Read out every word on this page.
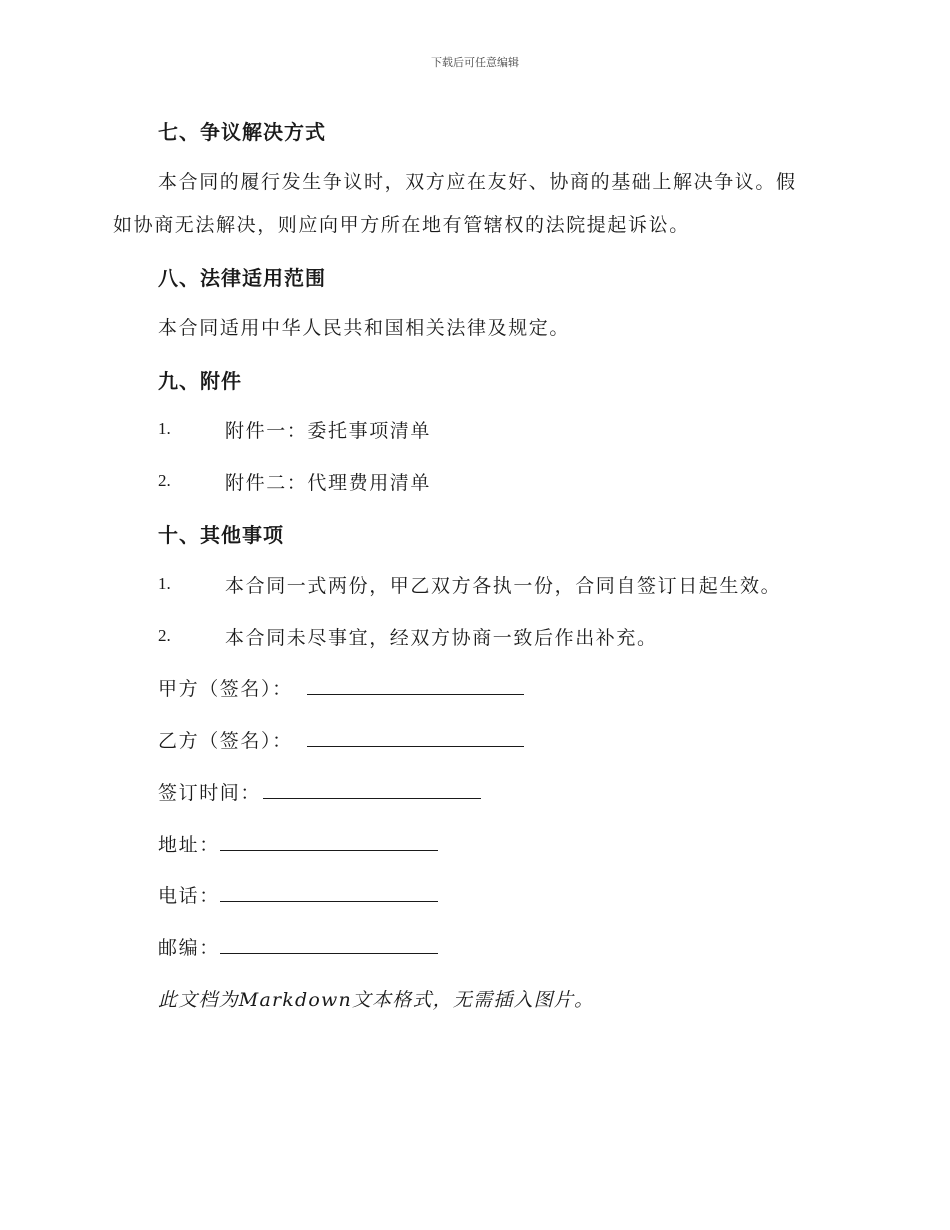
下载后可任意编辑
七、争议解决方式
本合同的履行发生争议时，双方应在友好、协商的基础上解决争议。假
如协商无法解决，则应向甲方所在地有管辖权的法院提起诉讼。
八、法律适用范围
本合同适用中华人民共和国相关法律及规定。
九、附件
1.	附件一：委托事项清单
2.	附件二：代理费用清单
十、其他事项
1.	本合同一式两份，甲乙双方各执一份，合同自签订日起生效。
2.	本合同未尽事宜，经双方协商一致后作出补充。
甲方（签名）：
乙方（签名）：
签订时间：
地址：
电话：
邮编：
此文档为Markdown文本格式，无需插入图片。
